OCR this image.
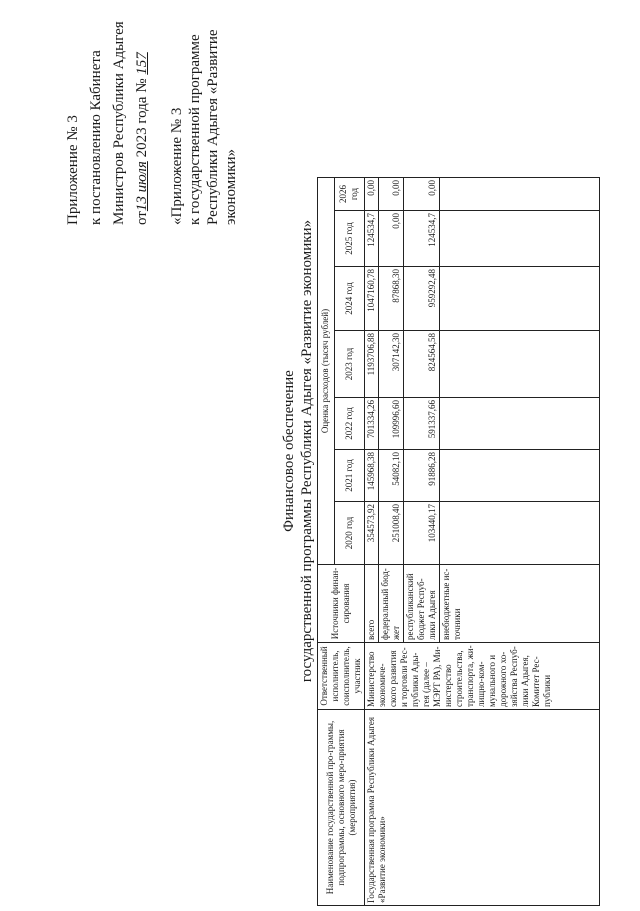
Приложение № 3 к постановлению Кабинета Министров Республики Адыгея от13 июля 2023 года № 157
«Приложение № 3 к государственной программе Республики Адыгея «Развитие экономики»
Финансовое обеспечение государственной программы Республики Адыгея «Развитие экономики»
Наименование государственной про-граммы, подпрограммы, основного меро-приятия (мероприятия)	Ответственный исполнитель, соисполнитель, участник	Источники финан-сирования	Оценка расходов (тысяч рублей)						
			2020 год	2021 год	2022 год	2023 год	2024 год	2025 год	2026 год
Государственная программа Республики Адыгея «Развитие экономики»	Министерство экономиче-ского развития и торговли Рес-публики Ады-гея (далее – МЭРТ РА), Ми-нистерство строительства, транспорта, жи-лищно-ком-мунального и дорожного хо-зяйства Респуб-лики Адыгея, Комитет Рес-публики	всего	354573,92	145968,38	701334,26	1193706,88	1047160,78	124534,7	0,00
		федеральный бюд-жет	251008,40	54082,10	109996,60	307142,30	87868,30	0,00	0,00
		республиканский бюджет Респуб-лики Адыгея	103440,17	91886,28	591337,66	824564,58	959292,48	124534,7	0,00
		внебюджетные ис-точники							
